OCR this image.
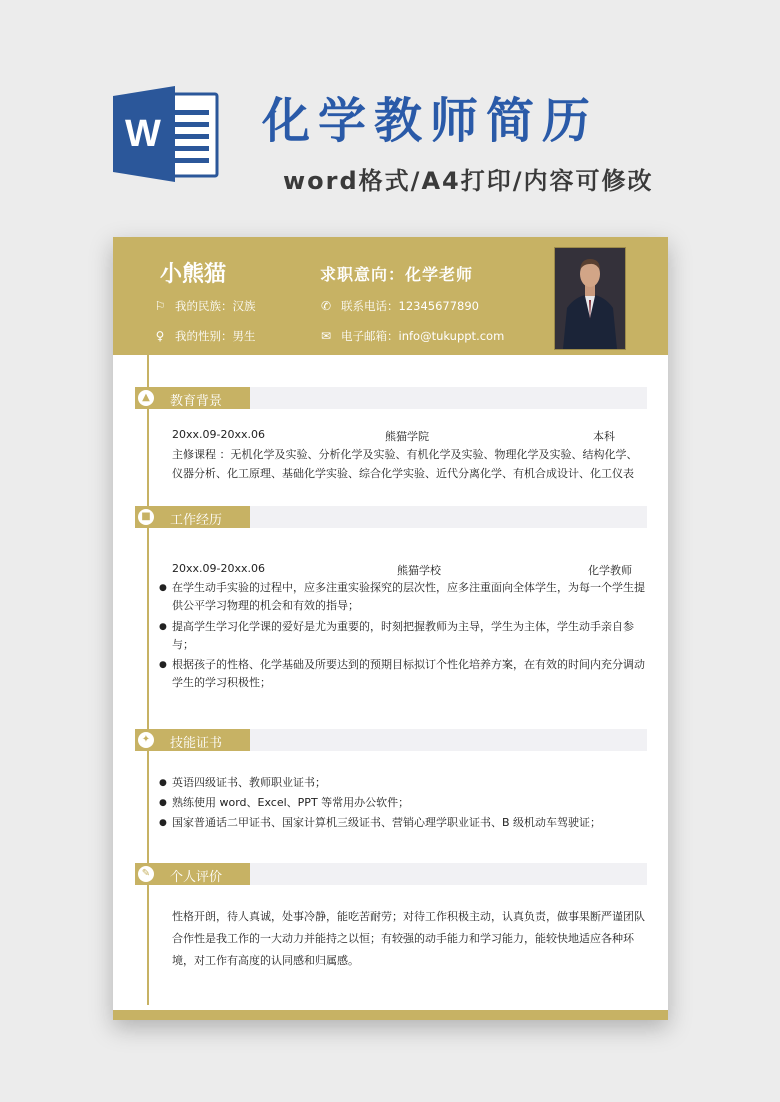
W 化学教师简历
word格式/A4打印/内容可修改
小熊猫	求职意向：化学老师
⚐ 我的民族：汉族
♀ 我的性别：男生
✆ 联系电话：12345677890
✉ 电子邮箱：info@tukuppt.com
▲	教育背景
20xx.09-20xx.06	熊猫学院	本科
主修课程 ：无机化学及实验、分析化学及实验、有机化学及实验、物理化学及实验、结构化学、
仪器分析、化工原理、基础化学实验、综合化学实验、近代分离化学、有机合成设计、化工仪表
■ 工作经历
20xx.09-20xx.06	熊猫学校	化学教师
● 在学生动手实验的过程中，应多注重实验探究的层次性，应多注重面向全体学生，为每一个学生提供公平学习物理的机会和有效的指导；
● 提高学生学习化学课的爱好是尤为重要的，时刻把握教师为主导，学生为主体，学生动手亲自参与；
● 根据孩子的性格、化学基础及所要达到的预期目标拟订个性化培养方案，在有效的时间内充分调动学生的学习积极性；
✦ 技能证书
● 英语四级证书、教师职业证书；
● 熟练使用 word、Excel、PPT 等常用办公软件；
● 国家普通话二甲证书、国家计算机三级证书、营销心理学职业证书、B 级机动车驾驶证；
✎ 个人评价
性格开朗，待人真诚，处事冷静，能吃苦耐劳；对待工作积极主动，认真负责，做事果断严谨团队合作性是我工作的一大动力并能持之以恒；有较强的动手能力和学习能力，能较快地适应各种环境，对工作有高度的认同感和归属感。
